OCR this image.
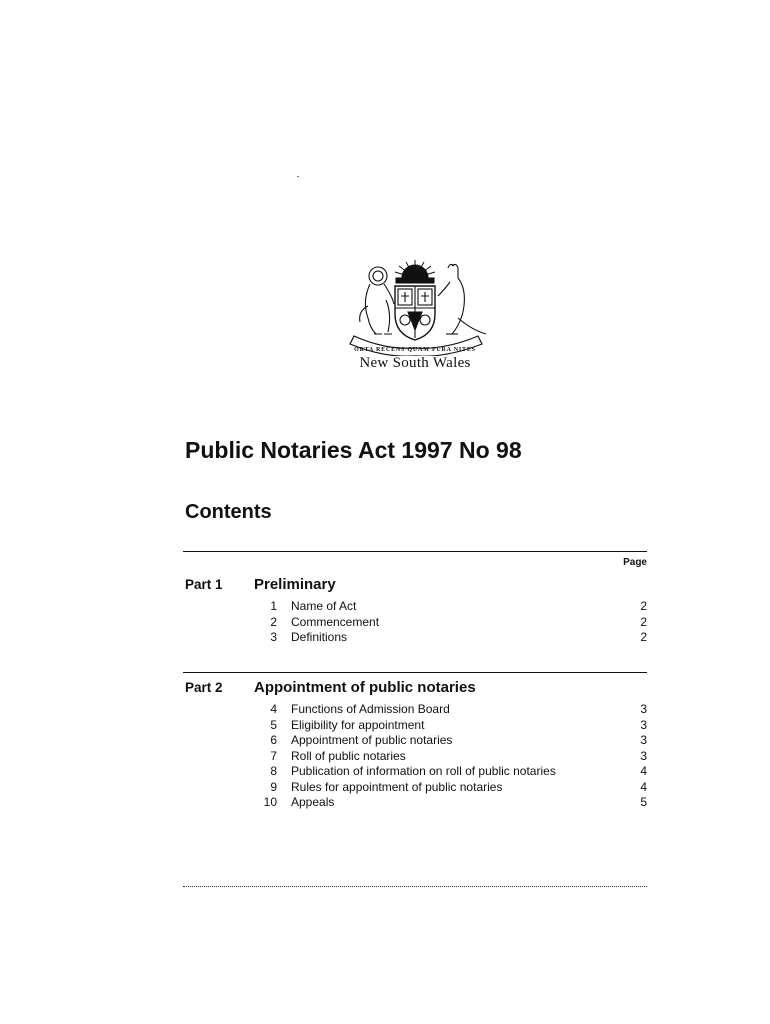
ORTA RECENS QUAM PURA NITES
New South Wales
Public Notaries Act 1997 No 98
Contents
Page
Part 1 Preliminary
1 Name of Act	2
2 Commencement	2
3 Definitions	2
Part 2 Appointment of public notaries
4 Functions of Admission Board	3
5 Eligibility for appointment	3
6 Appointment of public notaries	3
7 Roll of public notaries	3
8 Publication of information on roll of public notaries	4
9 Rules for appointment of public notaries	4
10 Appeals	5
